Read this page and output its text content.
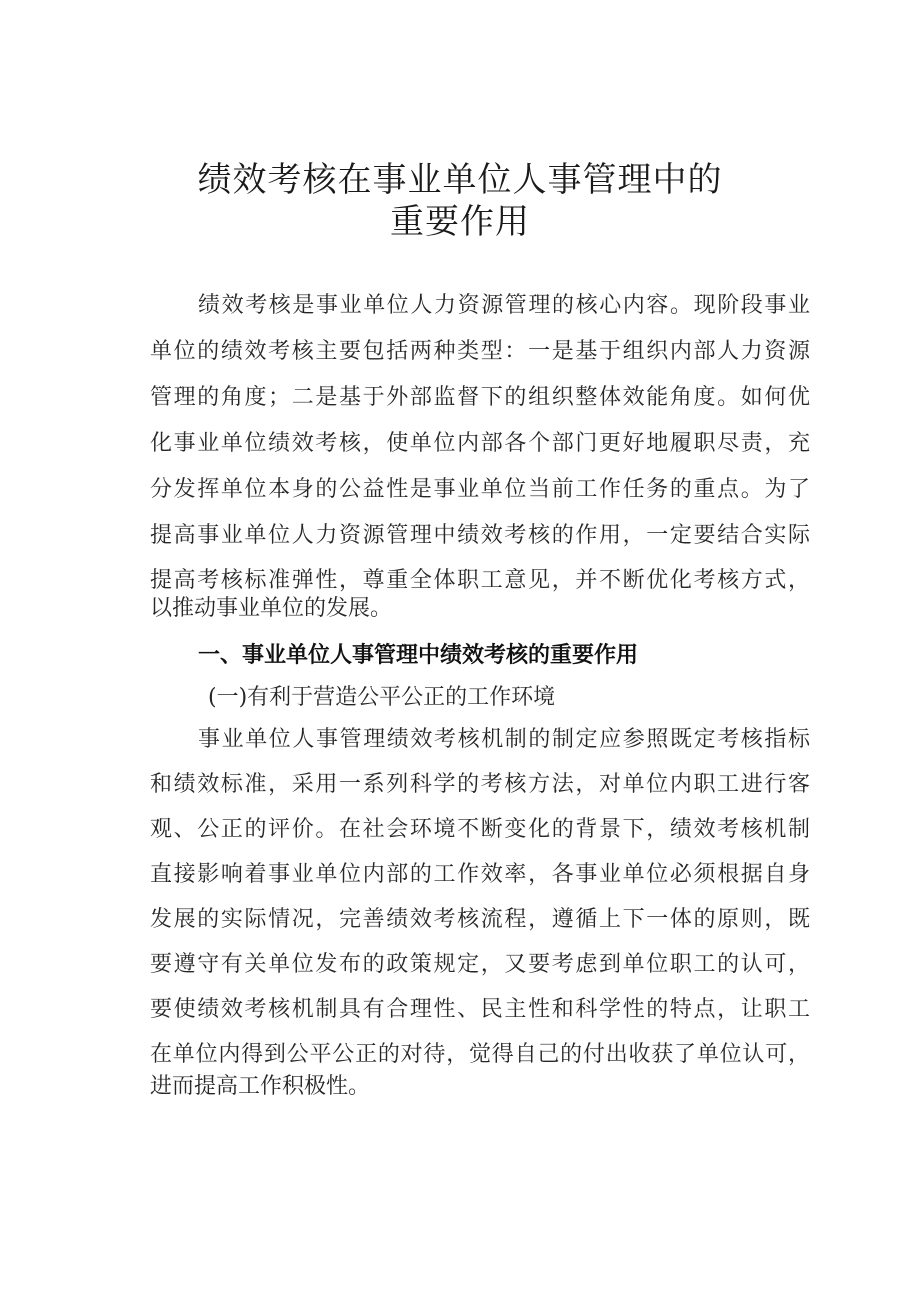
绩效考核在事业单位人事管理中的
重要作用
绩效考核是事业单位人力资源管理的核心内容。现阶段事业
单位的绩效考核主要包括两种类型：一是基于组织内部人力资源
管理的角度；二是基于外部监督下的组织整体效能角度。如何优
化事业单位绩效考核，使单位内部各个部门更好地履职尽责，充
分发挥单位本身的公益性是事业单位当前工作任务的重点。为了
提高事业单位人力资源管理中绩效考核的作用，一定要结合实际
提高考核标准弹性，尊重全体职工意见，并不断优化考核方式，
以推动事业单位的发展。
一、事业单位人事管理中绩效考核的重要作用
(一)有利于营造公平公正的工作环境
事业单位人事管理绩效考核机制的制定应参照既定考核指标
和绩效标准，采用一系列科学的考核方法，对单位内职工进行客
观、公正的评价。在社会环境不断变化的背景下，绩效考核机制
直接影响着事业单位内部的工作效率，各事业单位必须根据自身
发展的实际情况，完善绩效考核流程，遵循上下一体的原则，既
要遵守有关单位发布的政策规定，又要考虑到单位职工的认可，
要使绩效考核机制具有合理性、民主性和科学性的特点，让职工
在单位内得到公平公正的对待，觉得自己的付出收获了单位认可，
进而提高工作积极性。
